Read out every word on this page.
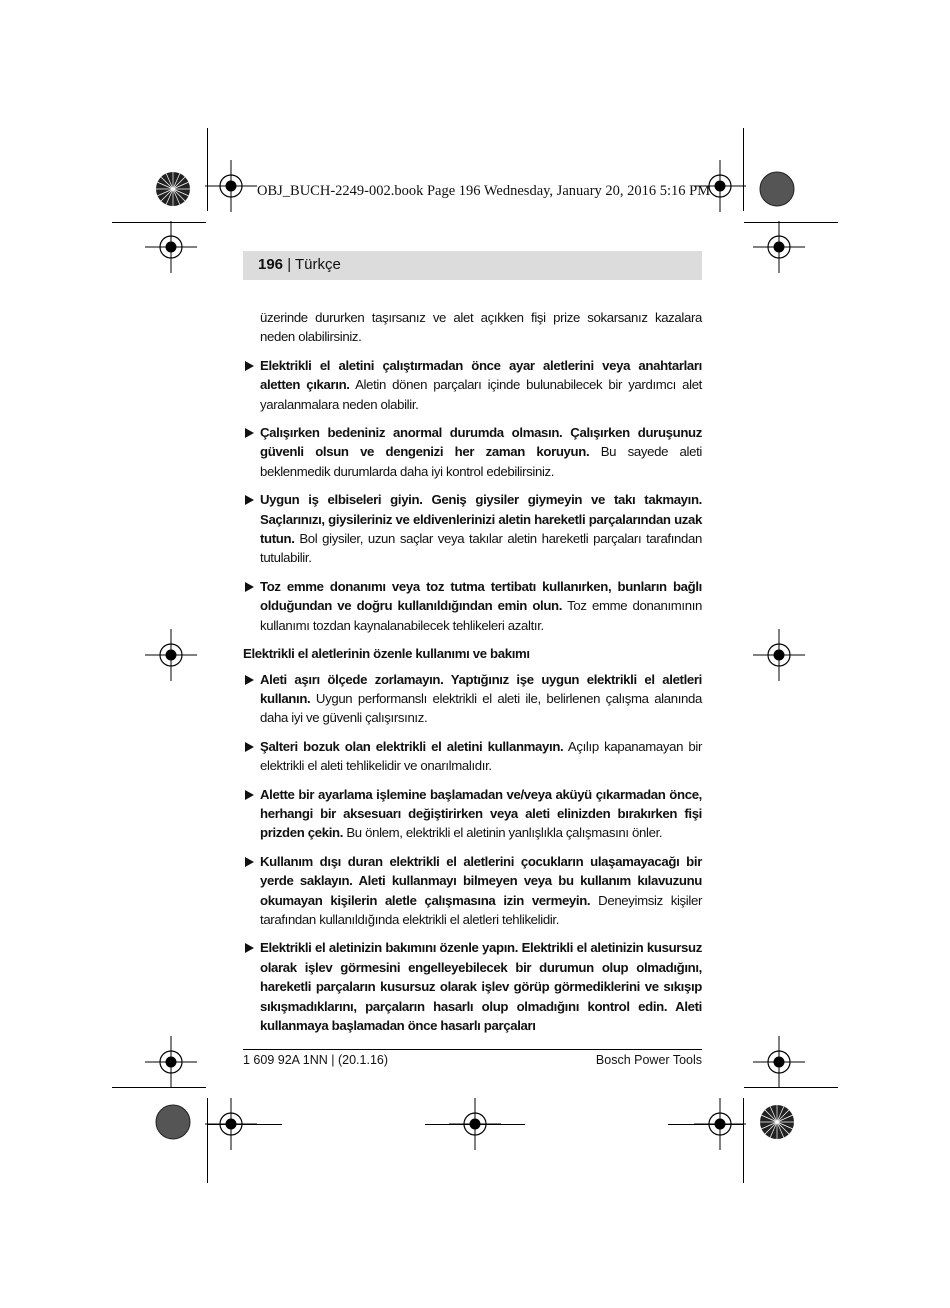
OBJ_BUCH-2249-002.book Page 196 Wednesday, January 20, 2016 5:16 PM
196 | Türkçe

üzerinde dururken taşırsanız ve alet açıkken fişi prize sokarsanız kazalara neden olabilirsiniz.

Elektrikli el aletini çalıştırmadan önce ayar aletlerini veya anahtarları aletten çıkarın. Aletin dönen parçaları içinde bulunabilecek bir yardımcı alet yaralanmalara neden olabilir.

Çalışırken bedeniniz anormal durumda olmasın. Çalışırken duruşunuz güvenli olsun ve dengenizi her zaman koruyun. Bu sayede aleti beklenmedik durumlarda daha iyi kontrol edebilirsiniz.

Uygun iş elbiseleri giyin. Geniş giysiler giymeyin ve takı takmayın. Saçlarınızı, giysileriniz ve eldivenlerinizi aletin hareketli parçalarından uzak tutun. Bol giysiler, uzun saçlar veya takılar aletin hareketli parçaları tarafından tutulabilir.

Toz emme donanımı veya toz tutma tertibatı kullanırken, bunların bağlı olduğundan ve doğru kullanıldığından emin olun. Toz emme donanımının kullanımı tozdan kaynalanabilecek tehlikeleri azaltır.

Elektrikli el aletlerinin özenle kullanımı ve bakımı

Aleti aşırı ölçede zorlamayın. Yaptığınız işe uygun elektrikli el aletleri kullanın. Uygun performanslı elektrikli el aleti ile, belirlenen çalışma alanında daha iyi ve güvenli çalışırsınız.

Şalteri bozuk olan elektrikli el aletini kullanmayın. Açılıp kapanamayan bir elektrikli el aleti tehlikelidir ve onarılmalıdır.

Alette bir ayarlama işlemine başlamadan ve/veya aküyü çıkarmadan önce, herhangi bir aksesuarı değiştirirken veya aleti elinizden bırakırken fişi prizden çekin. Bu önlem, elektrikli el aletinin yanlışlıkla çalışmasını önler.

Kullanım dışı duran elektrikli el aletlerini çocukların ulaşamayacağı bir yerde saklayın. Aleti kullanmayı bilmeyen veya bu kullanım kılavuzunu okumayan kişilerin aletle çalışmasına izin vermeyin. Deneyimsiz kişiler tarafından kullanıldığında elektrikli el aletleri tehlikelidir.

Elektrikli el aletinizin bakımını özenle yapın. Elektrikli el aletinizin kusursuz olarak işlev görmesini engelleyebilecek bir durumun olup olmadığını, hareketli parçaların kusursuz olarak işlev görüp görmediklerini ve sıkışıp sıkışmadıklarını, parçaların hasarlı olup olmadığını kontrol edin. Aleti kullanmaya başlamadan önce hasarlı parçaları

1 609 92A 1NN | (20.1.16)	Bosch Power Tools
